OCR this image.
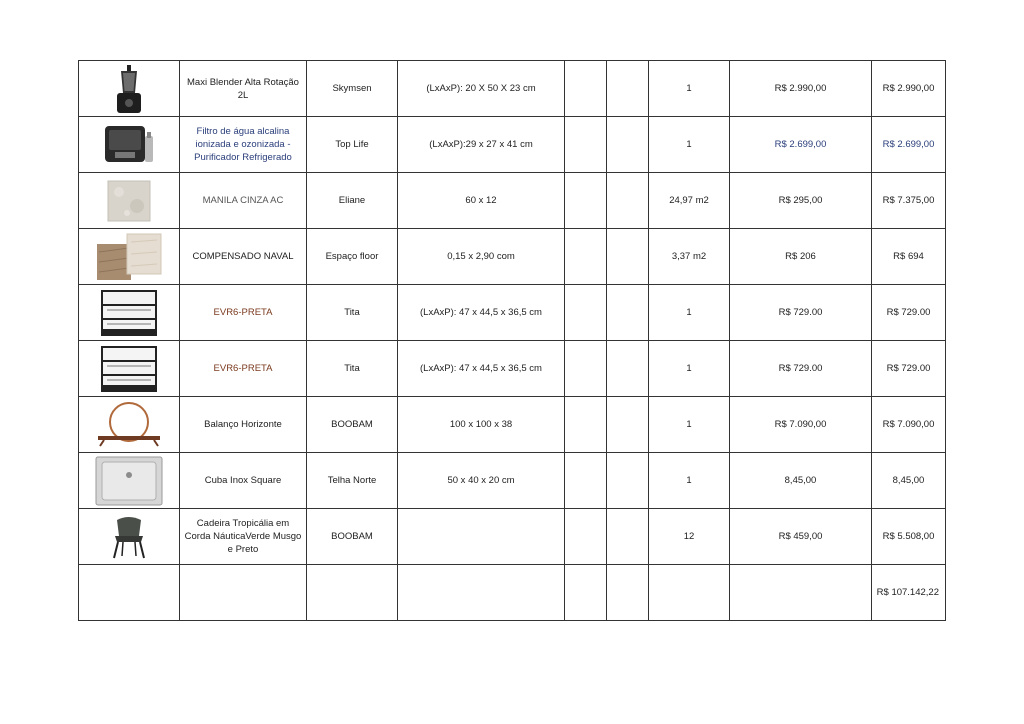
	Maxi Blender Alta Rotação 2L	Skymsen	(LxAxP): 20 X 50 X 23 cm			1	R$ 2.990,00	R$ 2.990,00

	Filtro de água alcalina ionizada e ozonizada - Purificador Refrigerado	Top Life	(LxAxP):29 x 27 x 41 cm			1	R$ 2.699,00	R$ 2.699,00

	MANILA CINZA AC	Eliane	60 x 12			24,97 m2	R$ 295,00	R$ 7.375,00

	COMPENSADO NAVAL	Espaço floor	0,15 x 2,90 com			3,37 m2	R$ 206	R$ 694

	EVR6-PRETA	Tita	(LxAxP): 47 x 44,5 x 36,5 cm			1	R$ 729.00	R$ 729.00

	EVR6-PRETA	Tita	(LxAxP): 47 x 44,5 x 36,5 cm			1	R$ 729.00	R$ 729.00

	Balanço Horizonte	BOOBAM	100 x 100 x 38			1	R$ 7.090,00	R$ 7.090,00

	Cuba Inox Square	Telha Norte	50 x 40 x 20 cm			1	8,45,00	8,45,00

	Cadeira Tropicália em Corda NáuticaVerde Musgo e Preto	BOOBAM				12	R$ 459,00	R$ 5.508,00
								R$ 107.142,22
